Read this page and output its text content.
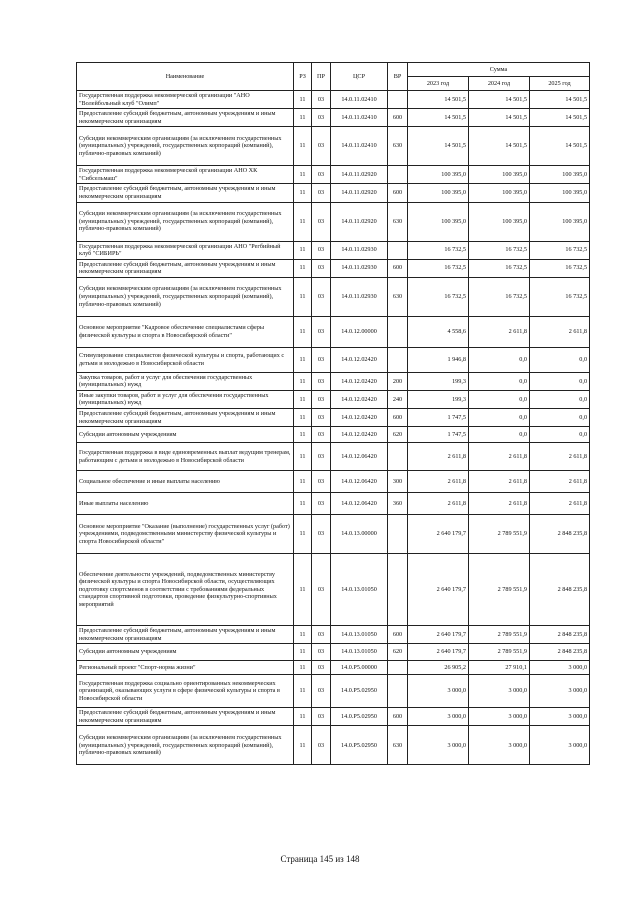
Наименование	РЗ	ПР	ЦСР	ВР	Сумма		
					2023 год	2024 год	2025 год
Государственная поддержка некоммерческой организации "АНО "Волейбольный клуб "Олимп"	11	03	14.0.11.02410		14 501,5	14 501,5	14 501,5
Предоставление субсидий бюджетным, автономным учреждениям и иным некоммерческим организациям	11	03	14.0.11.02410	600	14 501,5	14 501,5	14 501,5
Субсидии некоммерческим организациям (за исключением государственных (муниципальных) учреждений, государственных корпораций (компаний), публично-правовых компаний)	11	03	14.0.11.02410	630	14 501,5	14 501,5	14 501,5
Государственная поддержка некоммерческой организации АНО ХК "Сибсельмаш"	11	03	14.0.11.02920		100 395,0	100 395,0	100 395,0
Предоставление субсидий бюджетным, автономным учреждениям и иным некоммерческим организациям	11	03	14.0.11.02920	600	100 395,0	100 395,0	100 395,0
Субсидии некоммерческим организациям (за исключением государственных (муниципальных) учреждений, государственных корпораций (компаний), публично-правовых компаний)	11	03	14.0.11.02920	630	100 395,0	100 395,0	100 395,0
Государственная поддержка некоммерческой организации АНО "Регбийный клуб "СИБИРЬ"	11	03	14.0.11.02930		16 732,5	16 732,5	16 732,5
Предоставление субсидий бюджетным, автономным учреждениям и иным некоммерческим организациям	11	03	14.0.11.02930	600	16 732,5	16 732,5	16 732,5
Субсидии некоммерческим организациям (за исключением государственных (муниципальных) учреждений, государственных корпораций (компаний), публично-правовых компаний)	11	03	14.0.11.02930	630	16 732,5	16 732,5	16 732,5
Основное мероприятие "Кадровое обеспечение специалистами сферы физической культуры и спорта в Новосибирской области"	11	03	14.0.12.00000		4 558,6	2 611,8	2 611,8
Стимулирование специалистов физической культуры и спорта, работающих с детьми и молодежью в Новосибирской области	11	03	14.0.12.02420		1 946,8	0,0	0,0
Закупка товаров, работ и услуг для обеспечения государственных (муниципальных) нужд	11	03	14.0.12.02420	200	199,3	0,0	0,0
Иные закупки товаров, работ и услуг для обеспечения государственных (муниципальных) нужд	11	03	14.0.12.02420	240	199,3	0,0	0,0
Предоставление субсидий бюджетным, автономным учреждениям и иным некоммерческим организациям	11	03	14.0.12.02420	600	1 747,5	0,0	0,0
Субсидии автономным учреждениям	11	03	14.0.12.02420	620	1 747,5	0,0	0,0
Государственная поддержка в виде единовременных выплат ведущим тренерам, работающим с детьми и молодежью в Новосибирской области	11	03	14.0.12.06420		2 611,8	2 611,8	2 611,8
Социальное обеспечение и иные выплаты населению	11	03	14.0.12.06420	300	2 611,8	2 611,8	2 611,8
Иные выплаты населению	11	03	14.0.12.06420	360	2 611,8	2 611,8	2 611,8
Основное мероприятие "Оказание (выполнение) государственных услуг (работ) учреждениями, подведомственными министерству физической культуры и спорта Новосибирской области"	11	03	14.0.13.00000		2 640 179,7	2 789 551,9	2 848 235,8
Обеспечение деятельности учреждений, подведомственных министерству физической культуры и спорта Новосибирской области, осуществляющих подготовку спортсменов в соответствии с требованиями федеральных стандартов спортивной подготовки, проведение физкультурно-спортивных мероприятий	11	03	14.0.13.01050		2 640 179,7	2 789 551,9	2 848 235,8
Предоставление субсидий бюджетным, автономным учреждениям и иным некоммерческим организациям	11	03	14.0.13.01050	600	2 640 179,7	2 789 551,9	2 848 235,8
Субсидии автономным учреждениям	11	03	14.0.13.01050	620	2 640 179,7	2 789 551,9	2 848 235,8
Региональный проект "Спорт-норма жизни"	11	03	14.0.P5.00000		26 905,2	27 910,1	3 000,0
Государственная поддержка социально ориентированных некоммерческих организаций, оказывающих услуги в сфере физической культуры и спорта в Новосибирской области	11	03	14.0.P5.02950		3 000,0	3 000,0	3 000,0
Предоставление субсидий бюджетным, автономным учреждениям и иным некоммерческим организациям	11	03	14.0.P5.02950	600	3 000,0	3 000,0	3 000,0
Субсидии некоммерческим организациям (за исключением государственных (муниципальных) учреждений, государственных корпораций (компаний), публично-правовых компаний)	11	03	14.0.P5.02950	630	3 000,0	3 000,0	3 000,0
Страница 145 из 148
